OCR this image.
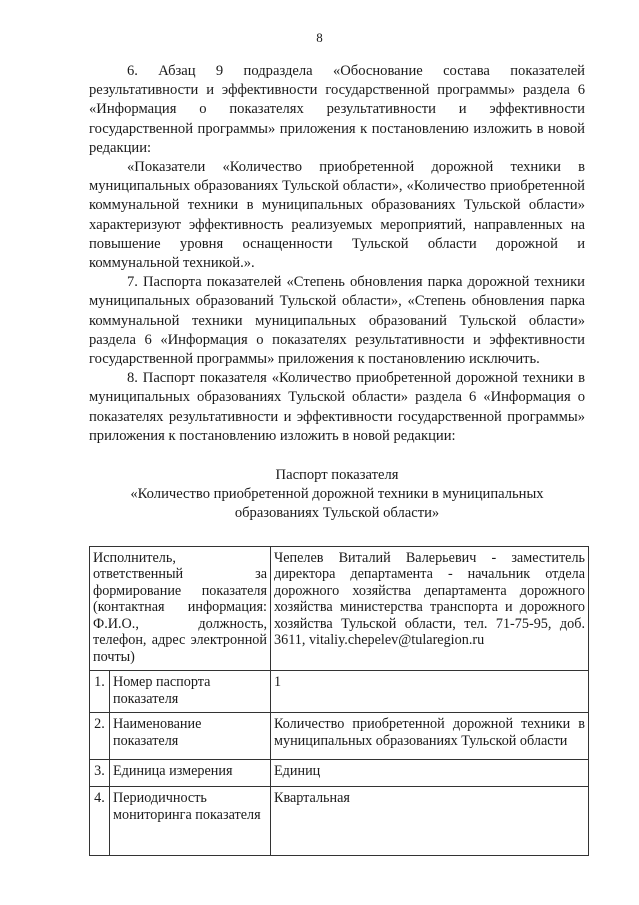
8

6. Абзац 9 подраздела «Обоснование состава показателей результативности и эффективности государственной программы» раздела 6 «Информация о показателях результативности и эффективности государственной программы» приложения к постановлению изложить в новой редакции:

«Показатели «Количество приобретенной дорожной техники в муниципальных образованиях Тульской области», «Количество приобретенной коммунальной техники в муниципальных образованиях Тульской области» характеризуют эффективность реализуемых мероприятий, направленных на повышение уровня оснащенности Тульской области дорожной и коммунальной техникой.».

7. Паспорта показателей «Степень обновления парка дорожной техники муниципальных образований Тульской области», «Степень обновления парка коммунальной техники муниципальных образований Тульской области» раздела 6 «Информация о показателях результативности и эффективности государственной программы» приложения к постановлению исключить.

8. Паспорт показателя «Количество приобретенной дорожной техники в муниципальных образованиях Тульской области» раздела 6 «Информация о показателях результативности и эффективности государственной программы» приложения к постановлению изложить в новой редакции:

Паспорт показателя
«Количество приобретенной дорожной техники в муниципальных
образованиях Тульской области»
Исполнитель, ответственный за формирование показателя (контактная информация: Ф.И.О., должность, телефон, адрес электронной почты)		Чепелев Виталий Валерьевич - заместитель директора департамента - начальник отдела дорожного хозяйства департамента дорожного хозяйства министерства транспорта и дорожного хозяйства Тульской области, тел. 71-75-95, доб. 3611, vitaliy.chepelev@tularegion.ru
1.	Номер паспорта показателя	1
2.	Наименование показателя	Количество приобретенной дорожной техники в муниципальных образованиях Тульской области
3.	Единица измерения	Единиц
4.	Периодичность мониторинга показателя	Квартальная
